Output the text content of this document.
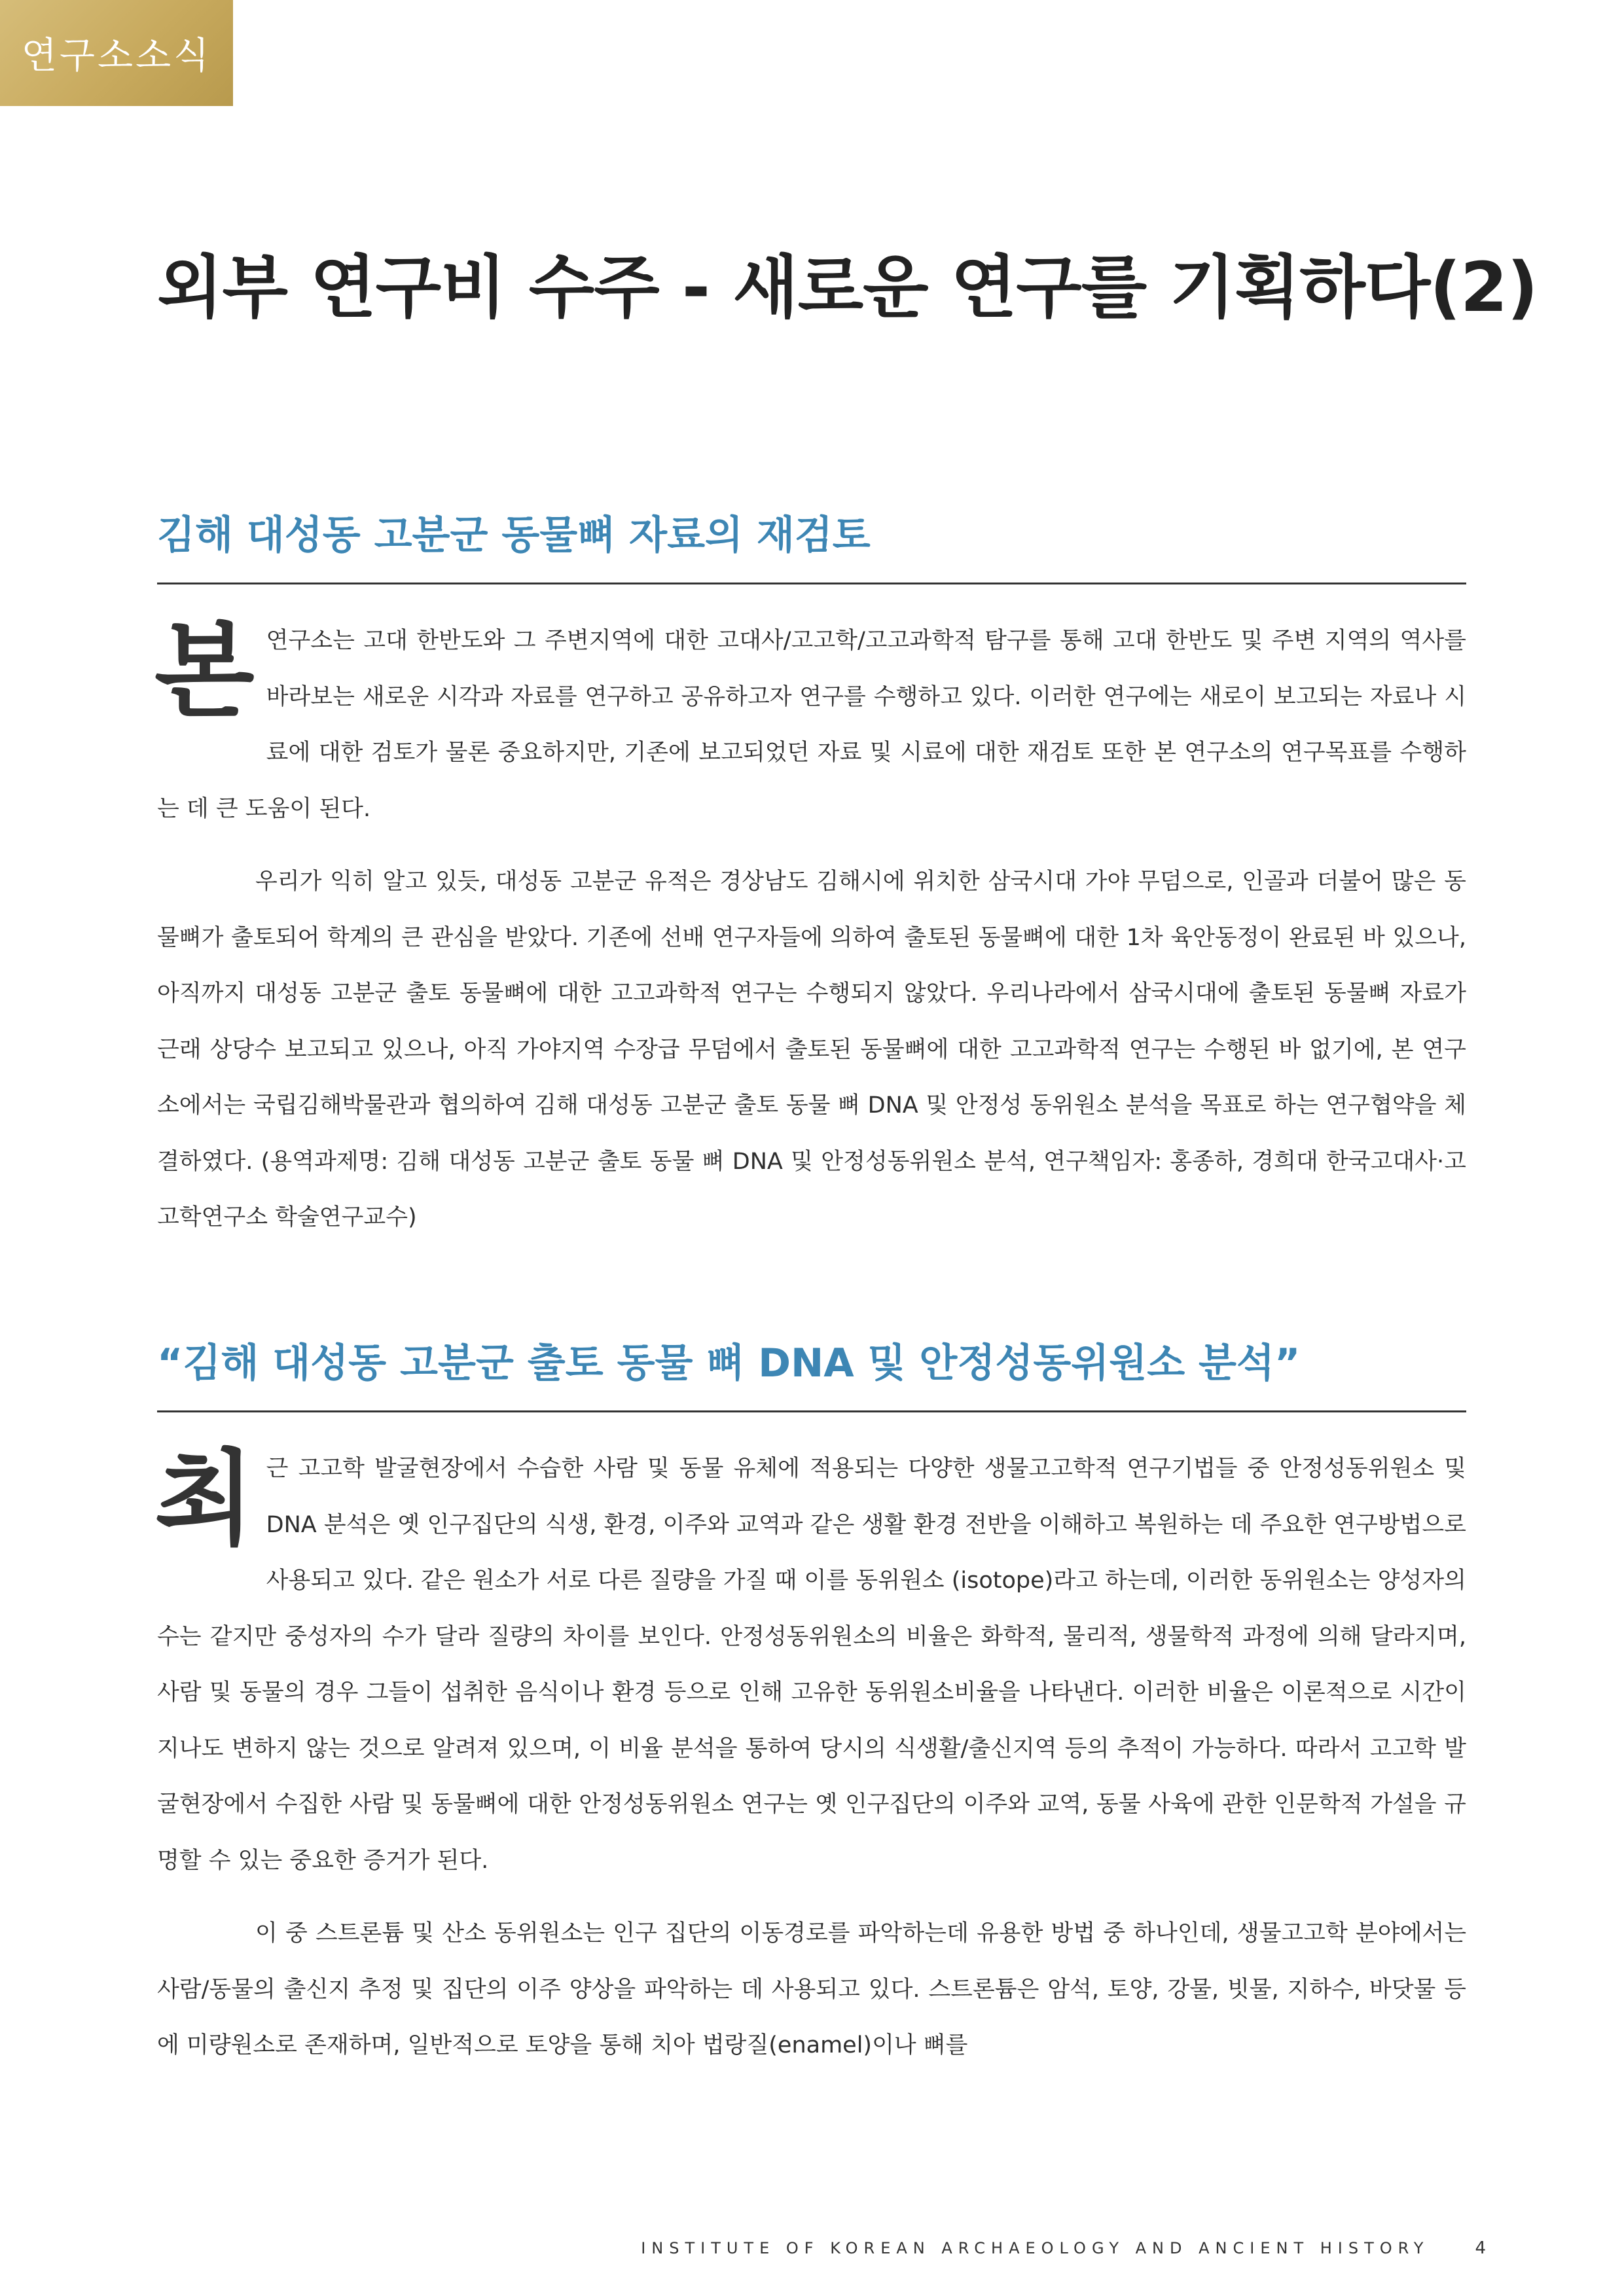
연구소소식
외부 연구비 수주 - 새로운 연구를 기획하다(2)
김해 대성동 고분군 동물뼈 자료의 재검토

본연구소는 고대 한반도와 그 주변지역에 대한 고대사/고고학/고고과학적 탐구를 통해 고대 한반도 및 주변 지역의 역사를 바라보는 새로운 시각과 자료를 연구하고 공유하고자 연구를 수행하고 있다. 이러한 연구에는 새로이 보고되는 자료나 시료에 대한 검토가 물론 중요하지만, 기존에 보고되었던 자료 및 시료에 대한 재검토 또한 본 연구소의 연구목표를 수행하는 데 큰 도움이 된다.

우리가 익히 알고 있듯, 대성동 고분군 유적은 경상남도 김해시에 위치한 삼국시대 가야 무덤으로, 인골과 더불어 많은 동물뼈가 출토되어 학계의 큰 관심을 받았다. 기존에 선배 연구자들에 의하여 출토된 동물뼈에 대한 1차 육안동정이 완료된 바 있으나, 아직까지 대성동 고분군 출토 동물뼈에 대한 고고과학적 연구는 수행되지 않았다. 우리나라에서 삼국시대에 출토된 동물뼈 자료가 근래 상당수 보고되고 있으나, 아직 가야지역 수장급 무덤에서 출토된 동물뼈에 대한 고고과학적 연구는 수행된 바 없기에, 본 연구소에서는 국립김해박물관과 협의하여 김해 대성동 고분군 출토 동물 뼈 DNA 및 안정성 동위원소 분석을 목표로 하는 연구협약을 체결하였다. (용역과제명: 김해 대성동 고분군 출토 동물 뼈 DNA 및 안정성동위원소 분석, 연구책임자: 홍종하, 경희대 한국고대사·고고학연구소 학술연구교수)

“김해 대성동 고분군 출토 동물 뼈 DNA 및 안정성동위원소 분석”

최근 고고학 발굴현장에서 수습한 사람 및 동물 유체에 적용되는 다양한 생물고고학적 연구기법들 중 안정성동위원소 및 DNA 분석은 옛 인구집단의 식생, 환경, 이주와 교역과 같은 생활 환경 전반을 이해하고 복원하는 데 주요한 연구방법으로 사용되고 있다. 같은 원소가 서로 다른 질량을 가질 때 이를 동위원소 (isotope)라고 하는데, 이러한 동위원소는 양성자의 수는 같지만 중성자의 수가 달라 질량의 차이를 보인다. 안정성동위원소의 비율은 화학적, 물리적, 생물학적 과정에 의해 달라지며, 사람 및 동물의 경우 그들이 섭취한 음식이나 환경 등으로 인해 고유한 동위원소비율을 나타낸다. 이러한 비율은 이론적으로 시간이 지나도 변하지 않는 것으로 알려져 있으며, 이 비율 분석을 통하여 당시의 식생활/출신지역 등의 추적이 가능하다. 따라서 고고학 발굴현장에서 수집한 사람 및 동물뼈에 대한 안정성동위원소 연구는 옛 인구집단의 이주와 교역, 동물 사육에 관한 인문학적 가설을 규명할 수 있는 중요한 증거가 된다.

이 중 스트론튬 및 산소 동위원소는 인구 집단의 이동경로를 파악하는데 유용한 방법 중 하나인데, 생물고고학 분야에서는 사람/동물의 출신지 추정 및 집단의 이주 양상을 파악하는 데 사용되고 있다. 스트론튬은 암석, 토양, 강물, 빗물, 지하수, 바닷물 등에 미량원소로 존재하며, 일반적으로 토양을 통해 치아 법랑질(enamel)이나 뼈를

INSTITUTE OF KOREAN ARCHAEOLOGY AND ANCIENT HISTORY	4
